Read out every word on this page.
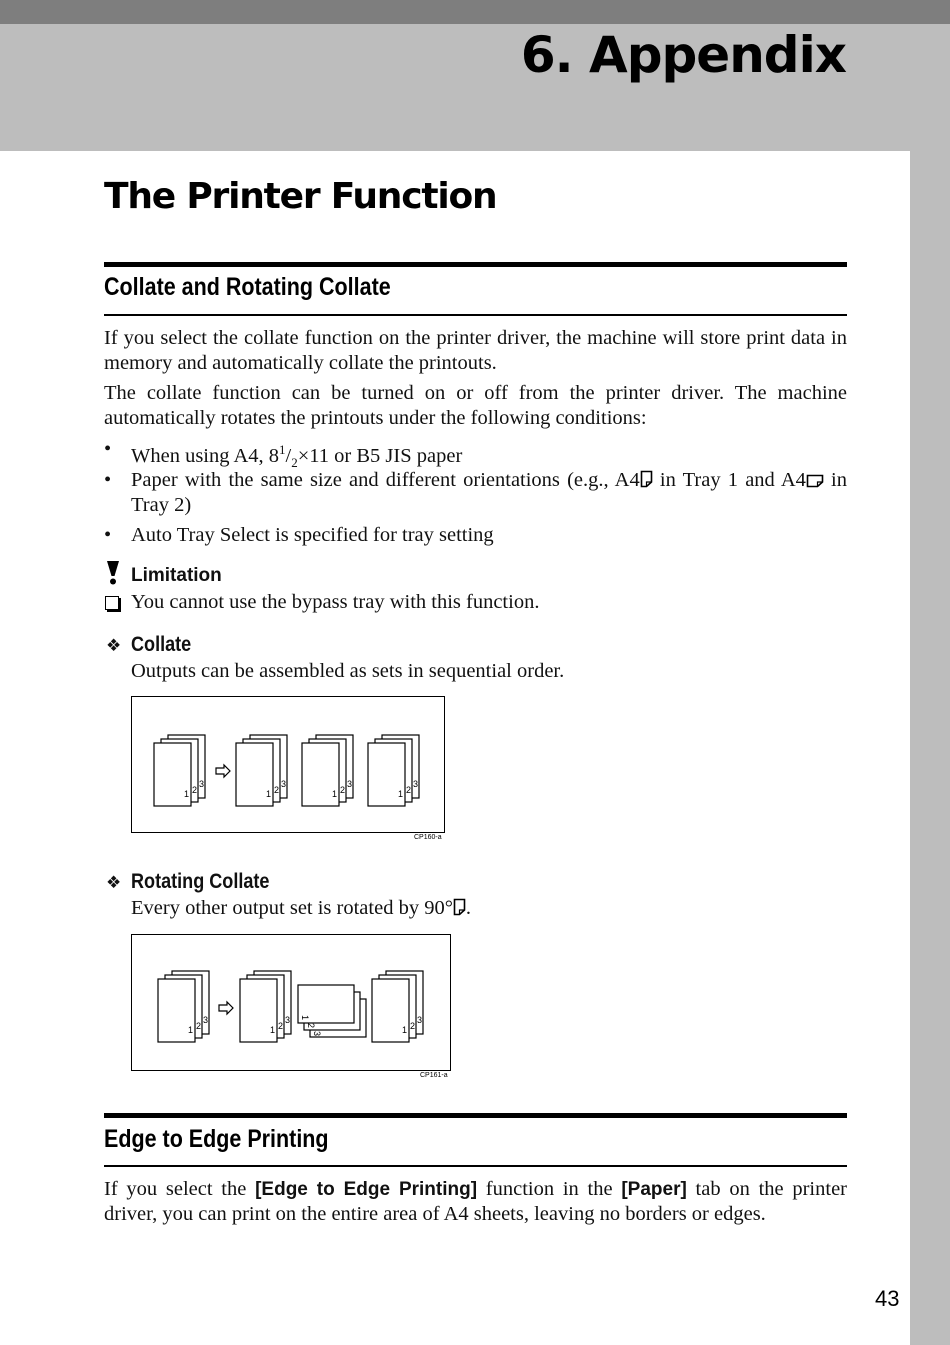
6. Appendix
The Printer Function
Collate and Rotating Collate

If you select the collate function on the printer driver, the machine will store print data in memory and automatically collate the printouts.

The collate function can be turned on or off from the printer driver. The machine automatically rotates the printouts under the following conditions:

• When using A4, $8^1/_2\times 11$ or B5 JIS paper
• Paper with the same size and different orientations (e.g., A4 in Tray 1 and A4 in Tray 2)
• Auto Tray Select is specified for tray setting

Limitation

You cannot use the bypass tray with this function.

❖ Collate

Outputs can be assembled as sets in sequential order.

1 2
3
1 2
3
1 2
3
1 2
3
CP160-a
❖ Rotating Collate

Every other output set is rotated by 90° .

1 2
3
1 2
3 1
2
3	1 2
3
CP161-a
Edge to Edge Printing

If you select the [Edge to Edge Printing] function in the [Paper] tab on the printer driver, you can print on the entire area of A4 sheets, leaving no borders or edges.

43
